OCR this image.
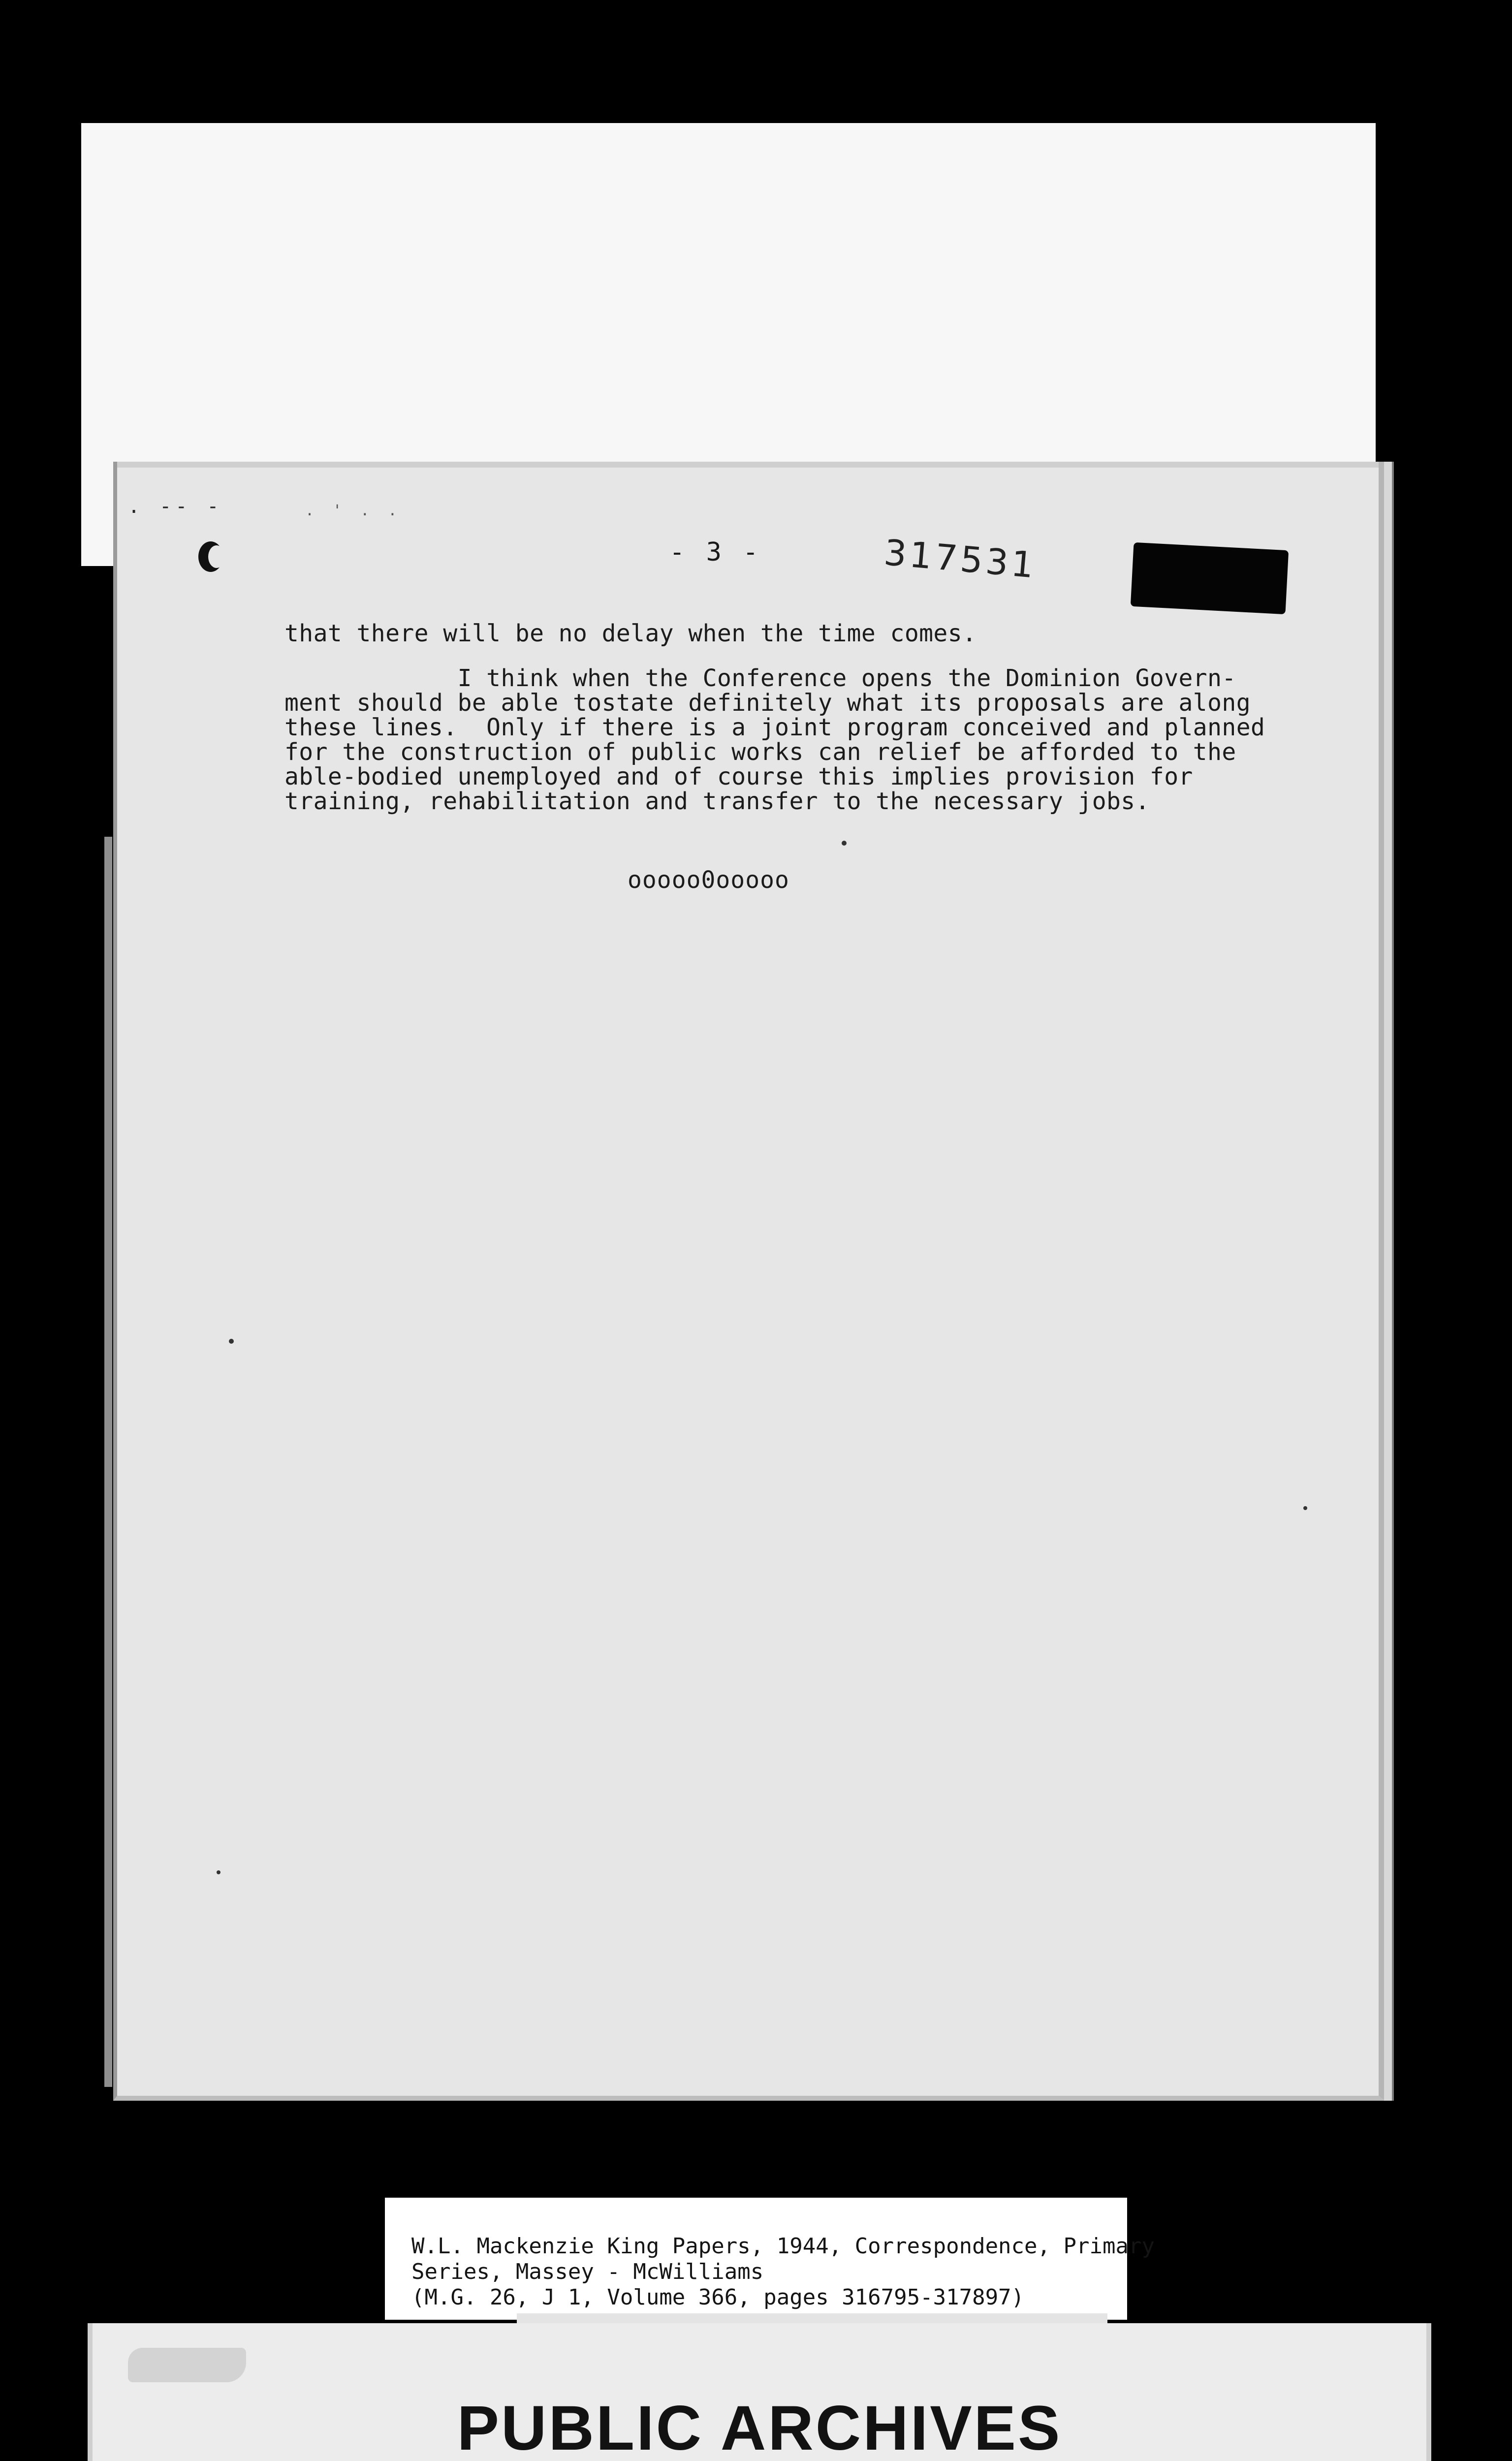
. -- -	. ' . .
- 3 -	317531
that there will be no delay when the time comes.
I think when the Conference opens the Dominion Govern-
ment should be able tostate definitely what its proposals are along
these lines.  Only if there is a joint program conceived and planned
for the construction of public works can relief be afforded to the
able-bodied unemployed and of course this implies provision for
training, rehabilitation and transfer to the necessary jobs.
ooooo0ooooo
W.L. Mackenzie King Papers, 1944, Correspondence, Primary
Series, Massey - McWilliams
(M.G. 26, J 1, Volume 366, pages 316795-317897)
PUBLIC ARCHIVES
